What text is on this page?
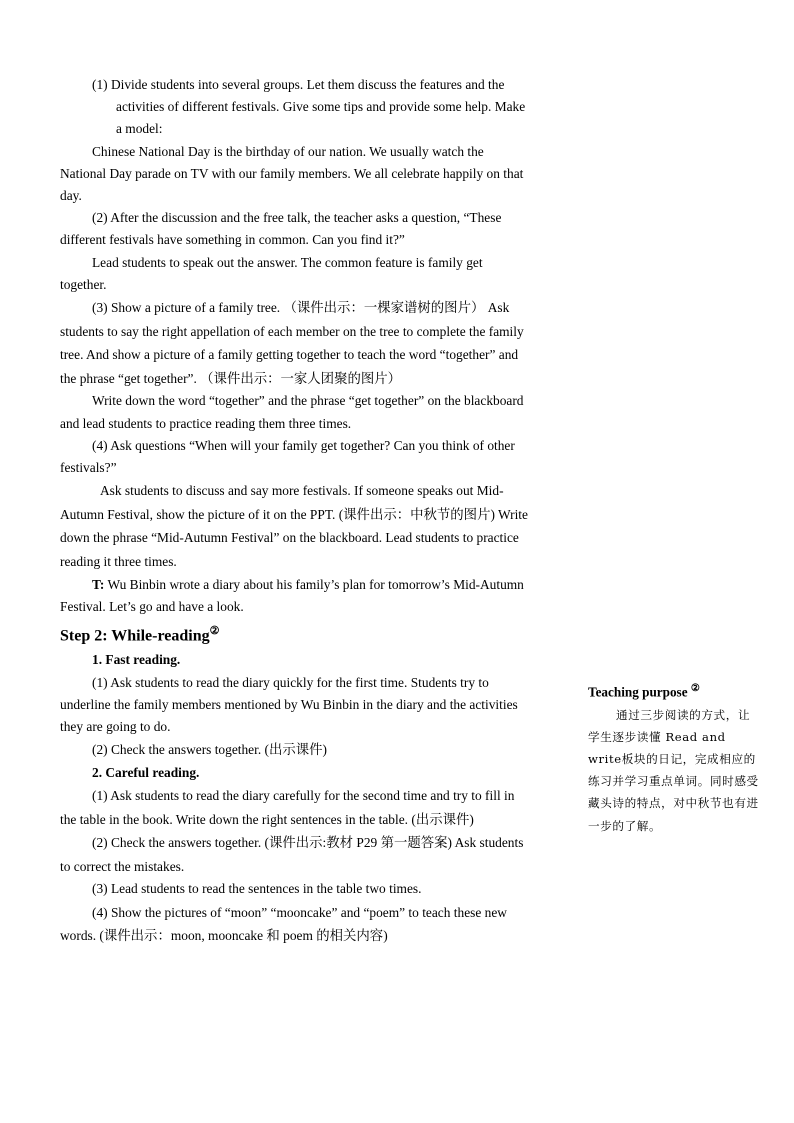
(1) Divide students into several groups. Let them discuss the features and the activities of different festivals. Give some tips and provide some help. Make a model:

Chinese National Day is the birthday of our nation. We usually watch the National Day parade on TV with our family members. We all celebrate happily on that day.

(2) After the discussion and the free talk, the teacher asks a question, “These different festivals have something in common. Can you find it?”

Lead students to speak out the answer. The common feature is family get together.

(3) Show a picture of a family tree. （课件出示：一棵家谱树的图片） Ask students to say the right appellation of each member on the tree to complete the family tree. And show a picture of a family getting together to teach the word “together” and the phrase “get together”. （课件出示：一家人团聚的图片）

Write down the word “together” and the phrase “get together” on the blackboard and lead students to practice reading them three times.

(4) Ask questions “When will your family get together? Can you think of other festivals?”

Ask students to discuss and say more festivals. If someone speaks out Mid-Autumn Festival, show the picture of it on the PPT. (课件出示：中秋节的图片) Write down the phrase “Mid-Autumn Festival” on the blackboard. Lead students to practice reading it three times.

T: Wu Binbin wrote a diary about his family’s plan for tomorrow’s Mid-Autumn Festival. Let’s go and have a look.

Step 2: While-reading②

1. Fast reading.

(1) Ask students to read the diary quickly for the first time. Students try to underline the family members mentioned by Wu Binbin in the diary and the activities they are going to do.

(2) Check the answers together. (出示课件)

2. Careful reading.

(1) Ask students to read the diary carefully for the second time and try to fill in the table in the book. Write down the right sentences in the table. (出示课件)

(2) Check the answers together. (课件出示:教材 P29 第一题答案) Ask students to correct the mistakes.

(3) Lead students to read the sentences in the table two times.

(4) Show the pictures of “moon” “mooncake” and “poem” to teach these new words. (课件出示：moon, mooncake 和 poem 的相关内容)

Teaching purpose ②

通过三步阅读的方式，让学生逐步读懂 Read and write板块的日记，完成相应的练习并学习重点单词。同时感受藏头诗的特点，对中秋节也有进一步的了解。
